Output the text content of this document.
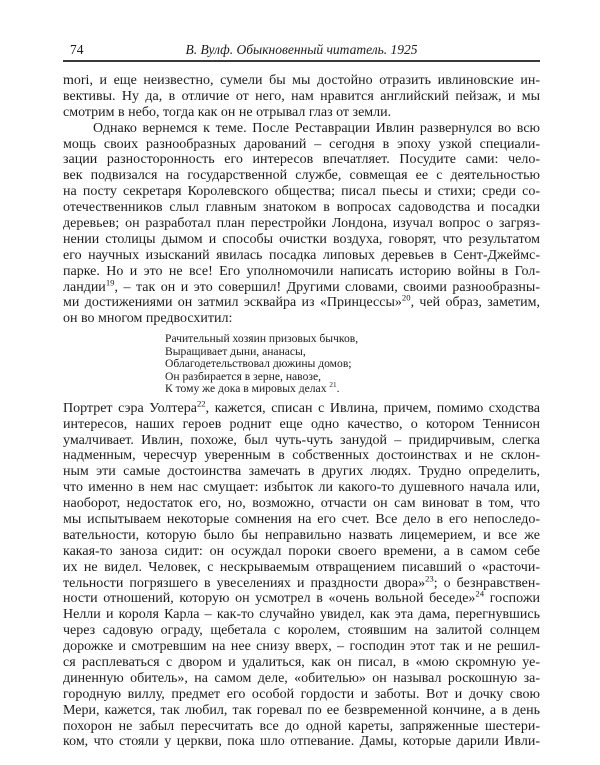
74	В. Вулф. Обыкновенный читатель. 1925
mori, и еще неизвестно, сумели бы мы достойно отразить ивлиновские ин-
вективы. Ну да, в отличие от него, нам нравится английский пейзаж, и мы
смотрим в небо, тогда как он не отрывал глаз от земли.
Однако вернемся к теме. После Реставрации Ивлин развернулся во всю
мощь своих разнообразных дарований – сегодня в эпоху узкой специали-
зации разносторонность его интересов впечатляет. Посудите сами: чело-
век подвизался на государственной службе, совмещая ее с деятельностью
на посту секретаря Королевского общества; писал пьесы и стихи; среди со-
отечественников слыл главным знатоком в вопросах садоводства и посадки
деревьев; он разработал план перестройки Лондона, изучал вопрос о загряз-
нении столицы дымом и способы очистки воздуха, говорят, что результатом
его научных изысканий явилась посадка липовых деревьев в Сент-Джеймс-
парке. Но и это не все! Его уполномочили написать историю войны в Гол-
ландии$^{19}$, – так он и это совершил! Другими словами, своими разнообразны-
ми достижениями он затмил эсквайра из «Принцессы»$^{20}$, чей образ, заметим,
он во многом предвосхитил:
Рачительный хозяин призовых бычков,
Выращивает дыни, ананасы,
Облагодетельствовал дюжины домов;
Он разбирается в зерне, навозе,
К тому же дока в мировых делах $^{21}$.
Портрет сэра Уолтера$^{22}$, кажется, списан с Ивлина, причем, помимо сходства
интересов, наших героев роднит еще одно качество, о котором Теннисон
умалчивает. Ивлин, похоже, был чуть-чуть занудой – придирчивым, слегка
надменным, чересчур уверенным в собственных достоинствах и не склон-
ным эти самые достоинства замечать в других людях. Трудно определить,
что именно в нем нас смущает: избыток ли какого-то душевного начала или,
наоборот, недостаток его, но, возможно, отчасти он сам виноват в том, что
мы испытываем некоторые сомнения на его счет. Все дело в его непоследо-
вательности, которую было бы неправильно назвать лицемерием, и все же
какая-то заноза сидит: он осуждал пороки своего времени, а в самом себе
их не видел. Человек, с нескрываемым отвращением писавший о «расточи-
тельности погрязшего в увеселениях и праздности двора»$^{23}$; о безнравствен-
ности отношений, которую он усмотрел в «очень вольной беседе»$^{24}$ госпожи
Нелли и короля Карла – как-то случайно увидел, как эта дама, перегнувшись
через садовую ограду, щебетала с королем, стоявшим на залитой солнцем
дорожке и смотревшим на нее снизу вверх, – господин этот так и не решил-
ся расплеваться с двором и удалиться, как он писал, в «мою скромную уе-
диненную обитель», на самом деле, «обителью» он называл роскошную за-
городную виллу, предмет его особой гордости и заботы. Вот и дочку свою
Мери, кажется, так любил, так горевал по ее безвременной кончине, а в день
похорон не забыл пересчитать все до одной кареты, запряженные шестери-
ком, что стояли у церкви, пока шло отпевание. Дамы, которые дарили Ивли-
